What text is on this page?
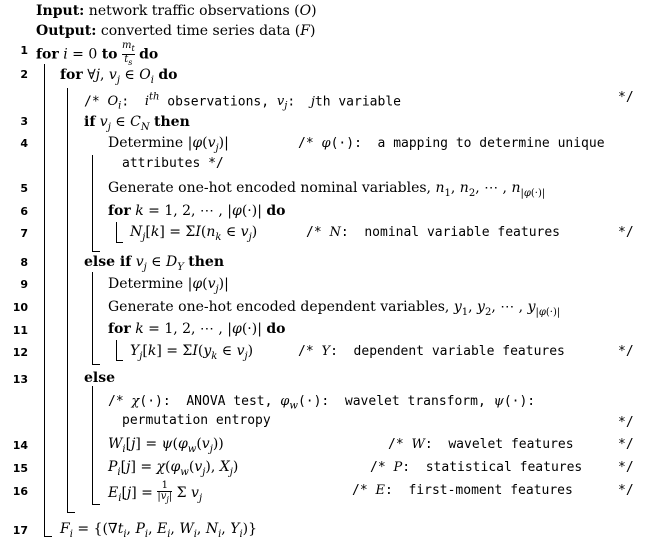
Input: network traffic observations (O)
Output: converted time series data (F)
1 for i = 0 to $\frac{m_t}{t_s}$ do
2 for ∀j, $v_j$ ∈ $O_i$ do
/* $O_i$:  $i^{th}$ observations, $v_j$:  jth variable	*/
3	if $v_j$ ∈ $C_N$ then
4	Determine $|\varphi(v_j)|$	/* φ(·):  a mapping to determine unique
attributes */
5	Generate one-hot encoded nominal variables, $n_1$, $n_2$, ⋯ , $n_{|\varphi(\cdot)|}$
6	for k = 1, 2, ⋯ , |φ(·)| do
7	$N_j[k] = \Sigma I(n_k$ ∈ $v_j$)	/* N:  nominal variable features	*/
8	else if $v_j$ ∈ $D_Y$ then
9	Determine $|\varphi(v_j)|$
10	Generate one-hot encoded dependent variables, $y_1$, $y_2$, ⋯ , $y_{|\varphi(\cdot)|}$
11	for k = 1, 2, ⋯ , |φ(·)| do
12	$Y_j[k] = \Sigma I(y_k$ ∈ $v_j$)	/* Y:  dependent variable features	*/
13	else
/* χ(·):  ANOVA test, $\varphi_w(\cdot)$:  wavelet transform, ψ(·):
permutation entropy	*/
14	$W_i[j] = \psi(\varphi_w(v_j))$	/* W:  wavelet features	*/
15	$P_i[j] = \chi(\varphi_w(v_j)$, $X_j$)	/* P:  statistical features	*/
16	$E_i[j] = \frac{1}{|v_j|}$ Σ $v_j$
/* E:  first-moment features	*/
17 $F_i = \{(\nabla t_i$, $P_i$, $E_i$, $W_i$, $N_i$, $Y_i$)}
